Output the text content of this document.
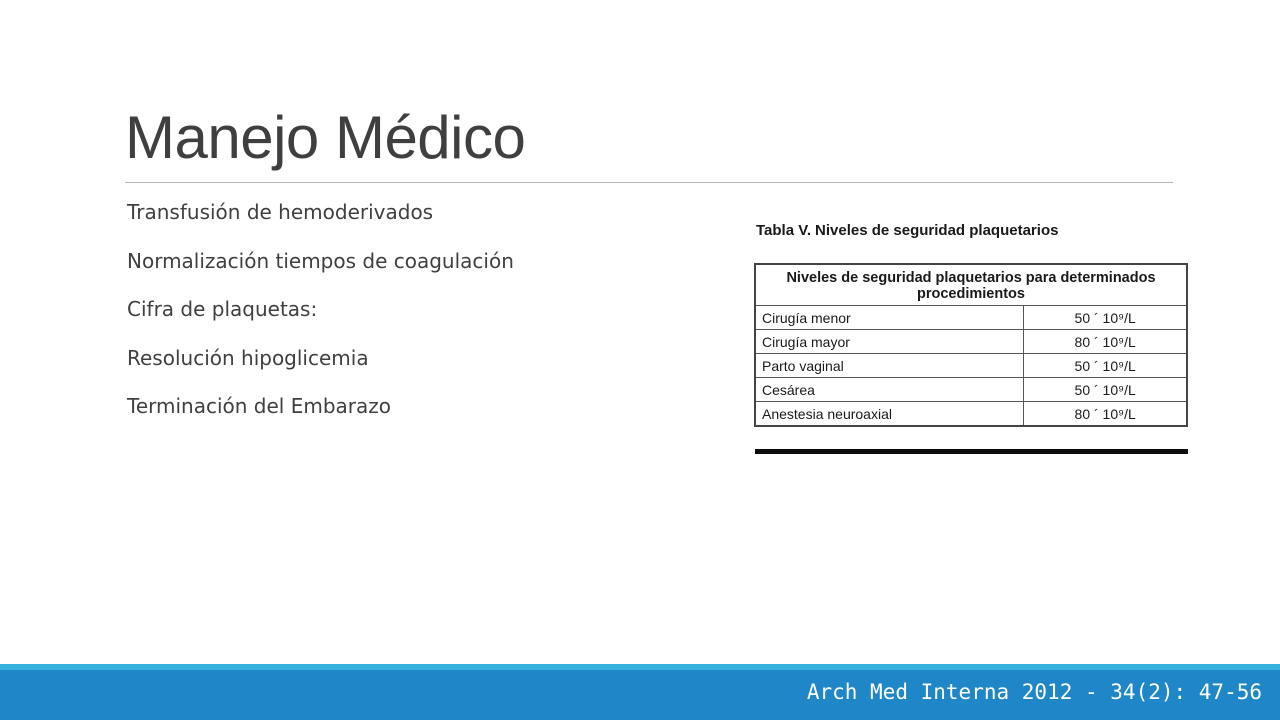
Manejo Médico
Transfusión de hemoderivados
Normalización tiempos de coagulación
Cifra de plaquetas:
Resolución hipoglicemia
Terminación del Embarazo
Tabla V. Niveles de seguridad plaquetarios
Niveles de seguridad plaquetarios para determinados procedimientos	
Cirugía menor	50 ´ 10⁹/L
Cirugía mayor	80 ´ 10⁹/L
Parto vaginal	50 ´ 10⁹/L
Cesárea	50 ´ 10⁹/L
Anestesia neuroaxial	80 ´ 10⁹/L
Arch Med Interna 2012 - 34(2): 47-56
